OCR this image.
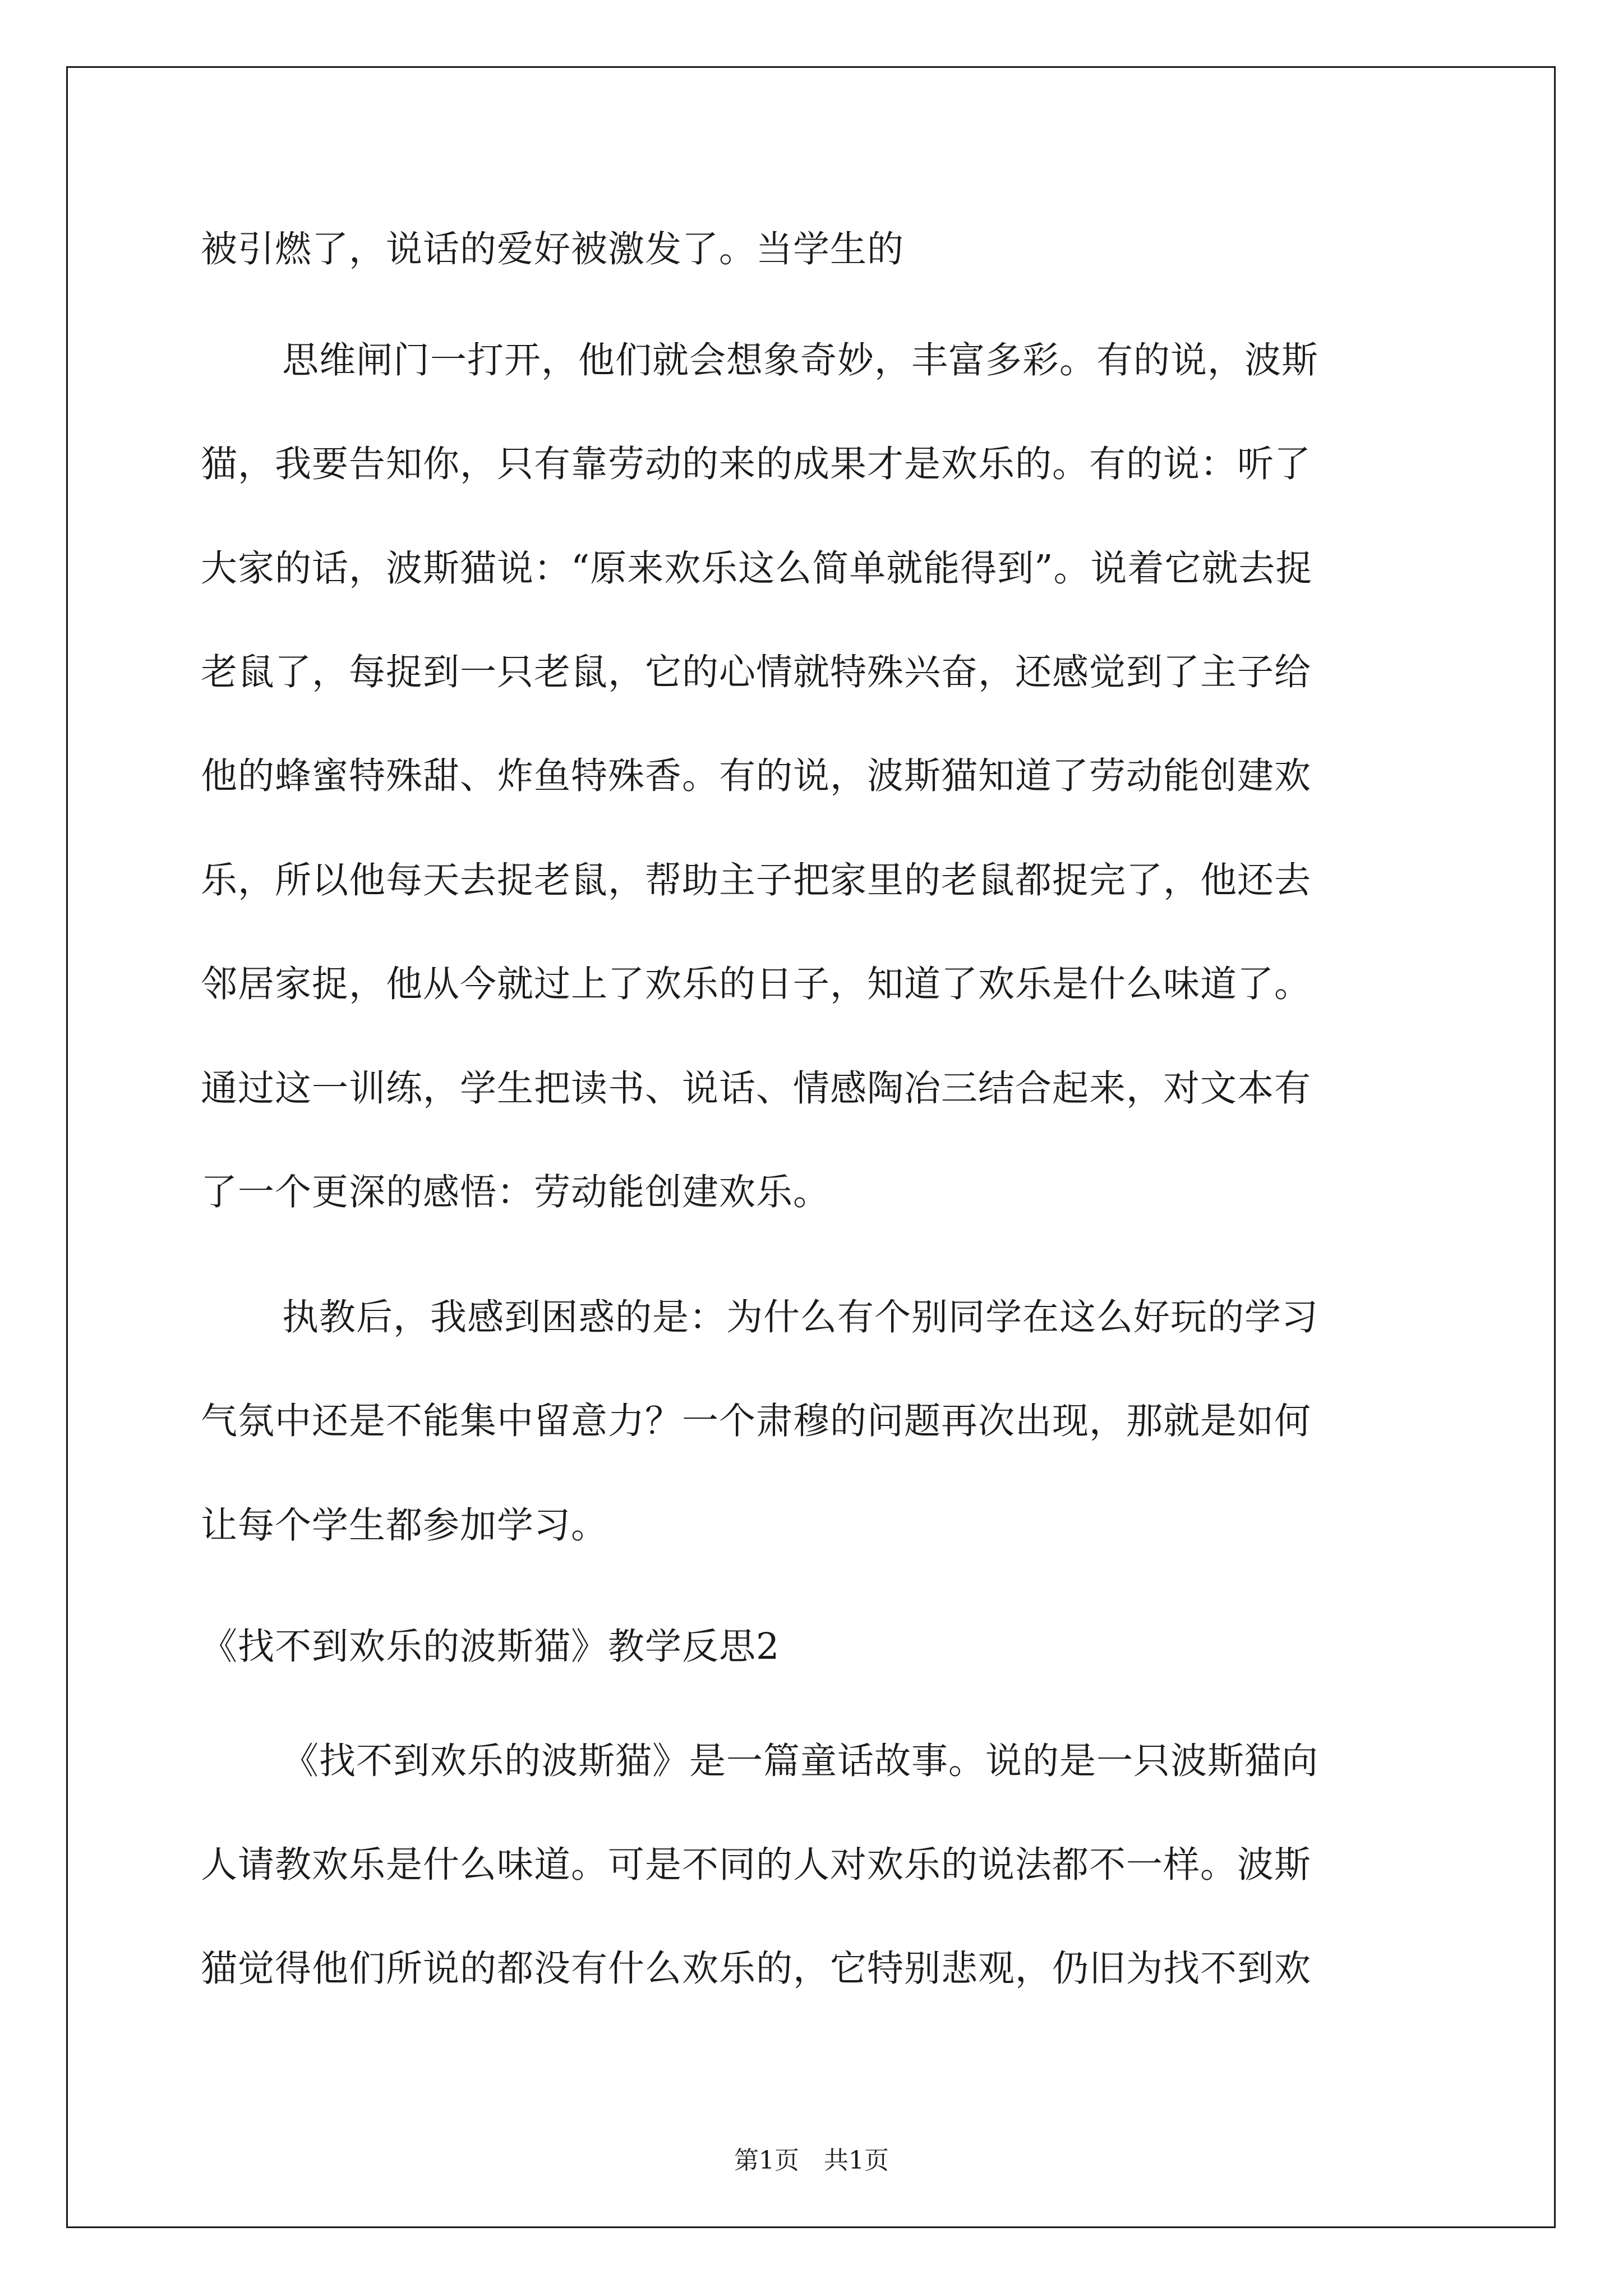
被引燃了，说话的爱好被激发了。当学生的
思维闸门一打开，他们就会想象奇妙，丰富多彩。有的说，波斯
猫，我要告知你，只有靠劳动的来的成果才是欢乐的。有的说：听了
大家的话，波斯猫说：“原来欢乐这么简单就能得到”。说着它就去捉
老鼠了，每捉到一只老鼠，它的心情就特殊兴奋，还感觉到了主子给
他的蜂蜜特殊甜、炸鱼特殊香。有的说，波斯猫知道了劳动能创建欢
乐，所以他每天去捉老鼠，帮助主子把家里的老鼠都捉完了，他还去
邻居家捉，他从今就过上了欢乐的日子，知道了欢乐是什么味道了。
通过这一训练，学生把读书、说话、情感陶冶三结合起来，对文本有
了一个更深的感悟：劳动能创建欢乐。
执教后，我感到困惑的是：为什么有个别同学在这么好玩的学习
气氛中还是不能集中留意力？一个肃穆的问题再次出现，那就是如何
让每个学生都参加学习。
《找不到欢乐的波斯猫》教学反思2
《找不到欢乐的波斯猫》是一篇童话故事。说的是一只波斯猫向
人请教欢乐是什么味道。可是不同的人对欢乐的说法都不一样。波斯
猫觉得他们所说的都没有什么欢乐的，它特别悲观，仍旧为找不到欢
第1页　共1页
